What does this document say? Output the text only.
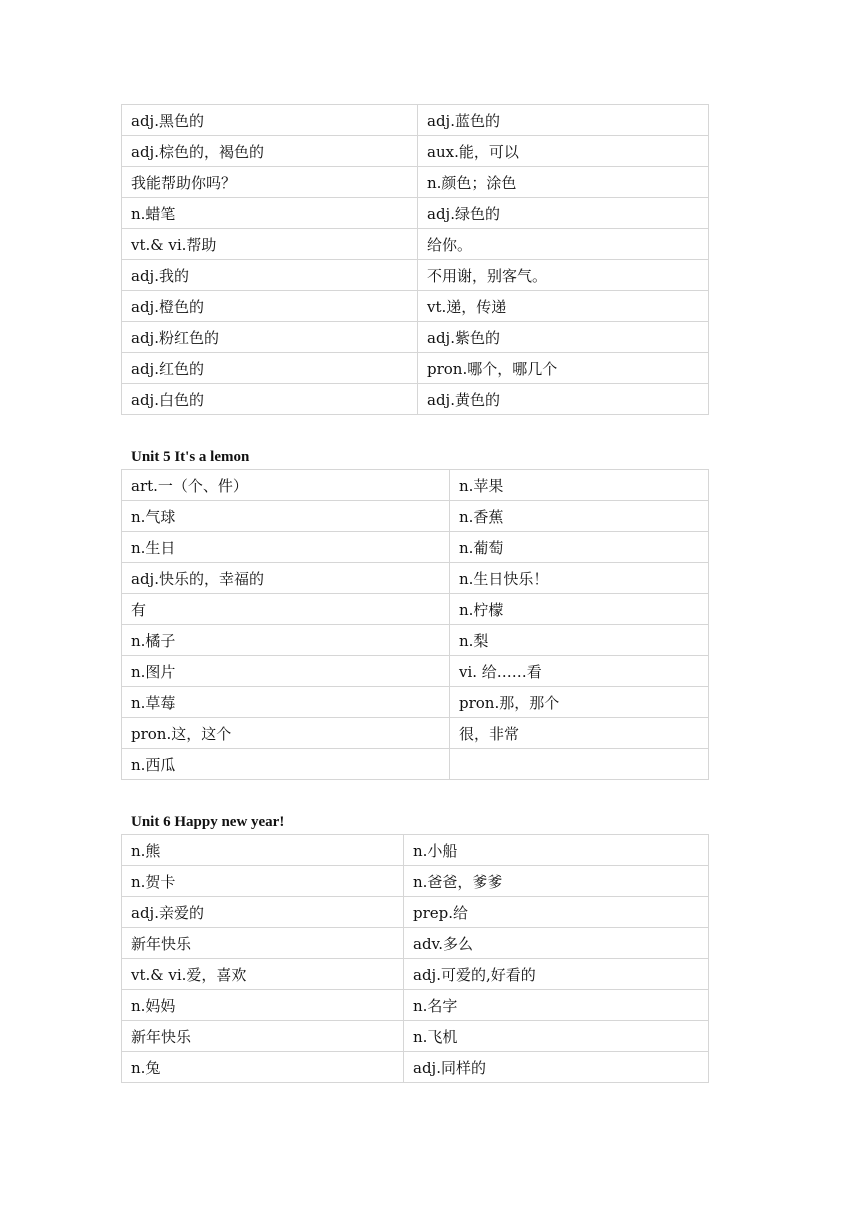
adj.黑色的	adj.蓝色的
adj.棕色的，褐色的	aux.能，可以
我能帮助你吗？	n.颜色；涂色
n.蜡笔	adj.绿色的
vt.& vi.帮助	给你。
adj.我的	不用谢，别客气。
adj.橙色的	vt.递，传递
adj.粉红色的	adj.紫色的
adj.红色的	pron.哪个，哪几个
adj.白色的	adj.黄色的
Unit 5 It's a lemon
art.一（个、件）	n.苹果
n.气球	n.香蕉
n.生日	n.葡萄
adj.快乐的，幸福的	n.生日快乐！
有	n.柠檬
n.橘子	n.梨
n.图片	vi. 给……看
n.草莓	pron.那，那个
pron.这，这个	很，非常
n.西瓜	
Unit 6 Happy new year!
n.熊	n.小船
n.贺卡	n.爸爸，爹爹
adj.亲爱的	prep.给
新年快乐	adv.多么
vt.& vi.爱，喜欢	adj.可爱的,好看的
n.妈妈	n.名字
新年快乐	n.飞机
n.兔	adj.同样的
